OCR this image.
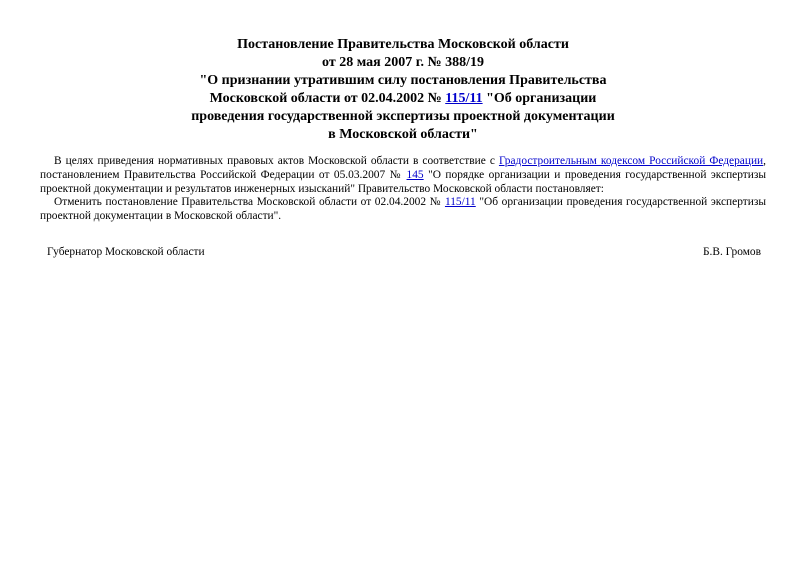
Постановление Правительства Московской области
от 28 мая 2007 г. № 388/19
"О признании утратившим силу постановления Правительства
Московской области от 02.04.2002 № 115/11 "Об организации
проведения государственной экспертизы проектной документации
в Московской области"

В целях приведения нормативных правовых актов Московской области в соответствие с Градостроительным кодексом Российской Федерации, постановлением Правительства Российской Федерации от 05.03.2007 № 145 "О порядке организации и проведения государственной экспертизы проектной документации и результатов инженерных изысканий" Правительство Московской области постановляет:

Отменить постановление Правительства Московской области от 02.04.2002 № 115/11 "Об организации проведения государственной экспертизы проектной документации в Московской области".

Губернатор Московской области	Б.В. Громов
